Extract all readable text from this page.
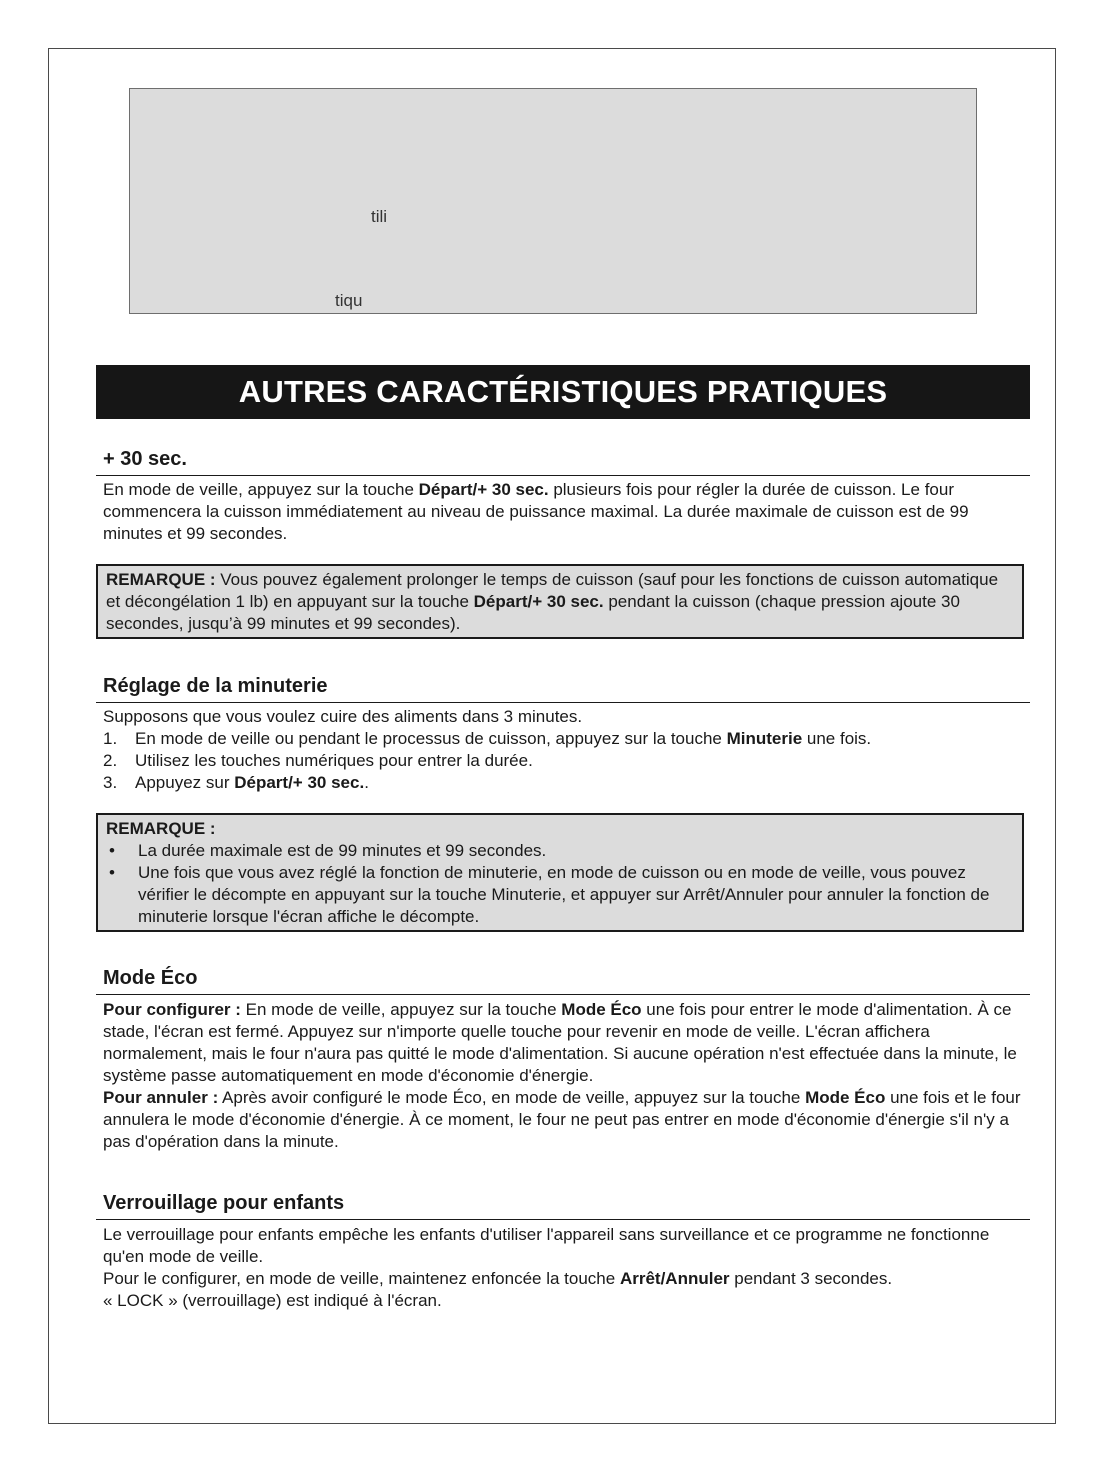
tili
tiqu
AUTRES CARACTÉRISTIQUES PRATIQUES
+ 30 sec.

En mode de veille, appuyez sur la touche Départ/+ 30 sec. plusieurs fois pour régler la durée de cuisson. Le four commencera la cuisson immédiatement au niveau de puissance maximal. La durée maximale de cuisson est de 99 minutes et 99 secondes.

REMARQUE : Vous pouvez également prolonger le temps de cuisson (sauf pour les fonctions de cuisson automatique et décongélation 1 lb) en appuyant sur la touche Départ/+ 30 sec. pendant la cuisson (chaque pression ajoute 30 secondes, jusqu’à 99 minutes et 99 secondes).

Réglage de la minuterie

Supposons que vous voulez cuire des aliments dans 3 minutes.

1. En mode de veille ou pendant le processus de cuisson, appuyez sur la touche Minuterie une fois.
2. Utilisez les touches numériques pour entrer la durée.
3. Appuyez sur Départ/+ 30 sec..

REMARQUE :

• La durée maximale est de 99 minutes et 99 secondes.
• Une fois que vous avez réglé la fonction de minuterie, en mode de cuisson ou en mode de veille, vous pouvez vérifier le décompte en appuyant sur la touche Minuterie, et appuyer sur Arrêt/Annuler pour annuler la fonction de minuterie lorsque l'écran affiche le décompte.
Mode Éco

Pour configurer : En mode de veille, appuyez sur la touche Mode Éco une fois pour entrer le mode d'alimentation. À ce stade, l'écran est fermé. Appuyez sur n'importe quelle touche pour revenir en mode de veille. L'écran affichera normalement, mais le four n'aura pas quitté le mode d'alimentation. Si aucune opération n'est effectuée dans la minute, le système passe automatiquement en mode d'économie d'énergie.

Pour annuler : Après avoir configuré le mode Éco, en mode de veille, appuyez sur la touche Mode Éco une fois et le four annulera le mode d'économie d'énergie. À ce moment, le four ne peut pas entrer en mode d'économie d'énergie s'il n'y a pas d'opération dans la minute.

Verrouillage pour enfants

Le verrouillage pour enfants empêche les enfants d'utiliser l'appareil sans surveillance et ce programme ne fonctionne qu'en mode de veille.

Pour le configurer, en mode de veille, maintenez enfoncée la touche Arrêt/Annuler pendant 3 secondes.

« LOCK » (verrouillage) est indiqué à l'écran.
